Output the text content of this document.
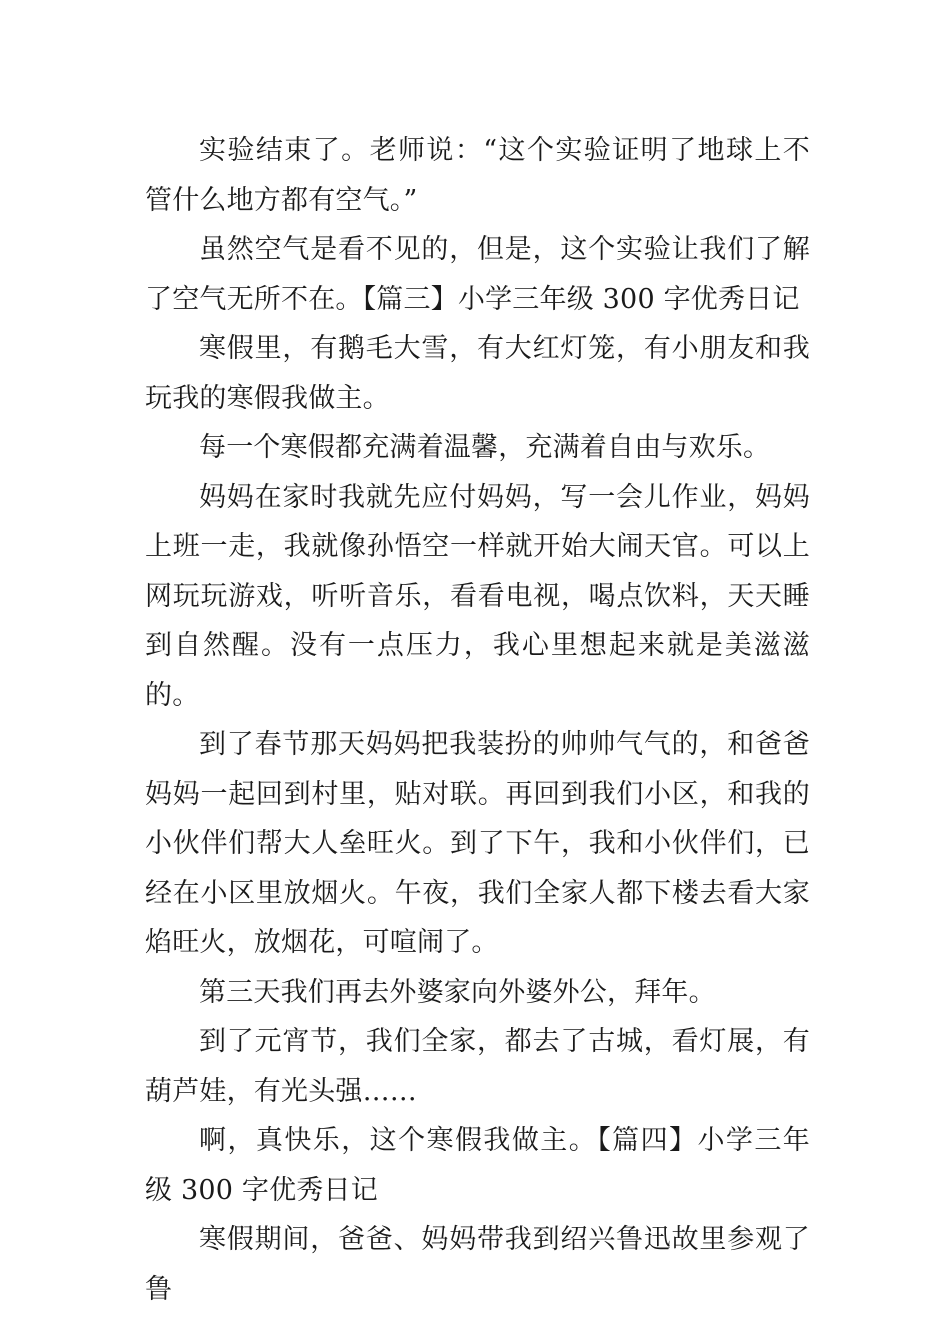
实验结束了。老师说：“这个实验证明了地球上不管什么地方都有空气。”

虽然空气是看不见的，但是，这个实验让我们了解了空气无所不在。【篇三】小学三年级 300 字优秀日记

寒假里，有鹅毛大雪，有大红灯笼，有小朋友和我玩我的寒假我做主。

每一个寒假都充满着温馨，充满着自由与欢乐。

妈妈在家时我就先应付妈妈，写一会儿作业，妈妈上班一走，我就像孙悟空一样就开始大闹天官。可以上网玩玩游戏，听听音乐，看看电视，喝点饮料，天天睡到自然醒。没有一点压力，我心里想起来就是美滋滋的。

到了春节那天妈妈把我装扮的帅帅气气的，和爸爸妈妈一起回到村里，贴对联。再回到我们小区，和我的小伙伴们帮大人垒旺火。到了下午，我和小伙伴们，已经在小区里放烟火。午夜，我们全家人都下楼去看大家焰旺火，放烟花，可喧闹了。

第三天我们再去外婆家向外婆外公，拜年。

到了元宵节，我们全家，都去了古城，看灯展，有葫芦娃，有光头强……

啊，真快乐，这个寒假我做主。【篇四】小学三年级 300 字优秀日记

寒假期间，爸爸、妈妈带我到绍兴鲁迅故里参观了鲁
